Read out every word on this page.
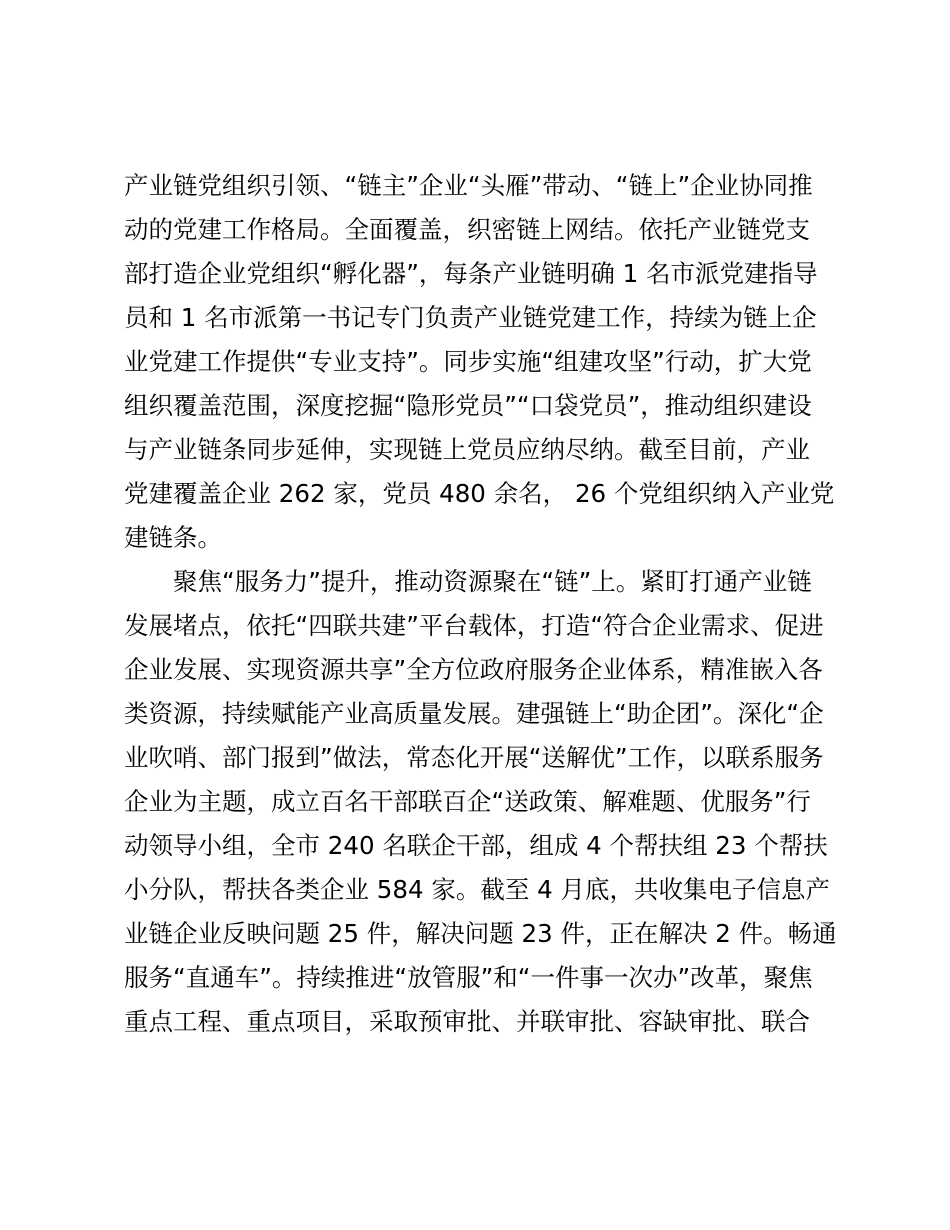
产业链党组织引领、“链主”企业“头雁”带动、“链上”企业协同推
动的党建工作格局。全面覆盖，织密链上网结。依托产业链党支
部打造企业党组织“孵化器”，每条产业链明确 1 名市派党建指导
员和 1 名市派第一书记专门负责产业链党建工作，持续为链上企
业党建工作提供“专业支持”。同步实施“组建攻坚”行动，扩大党
组织覆盖范围，深度挖掘“隐形党员”“口袋党员”，推动组织建设
与产业链条同步延伸，实现链上党员应纳尽纳。截至目前，产业
党建覆盖企业 262 家，党员 480 余名， 26 个党组织纳入产业党
建链条。
聚焦“服务力”提升，推动资源聚在“链”上。紧盯打通产业链
发展堵点，依托“四联共建”平台载体，打造“符合企业需求、促进
企业发展、实现资源共享”全方位政府服务企业体系，精准嵌入各
类资源，持续赋能产业高质量发展。建强链上“助企团”。深化“企
业吹哨、部门报到”做法，常态化开展“送解优”工作，以联系服务
企业为主题，成立百名干部联百企“送政策、解难题、优服务”行
动领导小组，全市 240 名联企干部，组成 4 个帮扶组 23 个帮扶
小分队，帮扶各类企业 584 家。截至 4 月底，共收集电子信息产
业链企业反映问题 25 件，解决问题 23 件，正在解决 2 件。畅通
服务“直通车”。持续推进“放管服”和“一件事一次办”改革，聚焦
重点工程、重点项目，采取预审批、并联审批、容缺审批、联合
